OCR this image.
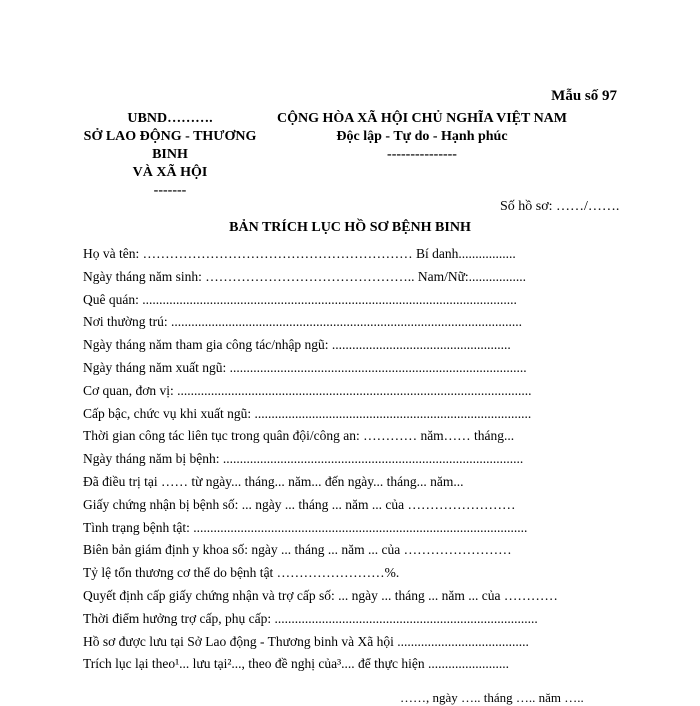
Mẫu số 97
UBND……….
SỞ LAO ĐỘNG - THƯƠNG
BINH
VÀ XÃ HỘI
-------
CỘNG HÒA XÃ HỘI CHỦ NGHĨA VIỆT NAM
Độc lập - Tự do - Hạnh phúc
---------------
Số hồ sơ: ……/…….
BẢN TRÍCH LỤC HỒ SƠ BỆNH BINH
Họ và tên: …………………………………………………… Bí danh.................
Ngày tháng năm sinh: ……………………………………….. Nam/Nữ:.................
Quê quán: ...............................................................................................................
Nơi thường trú: ........................................................................................................
Ngày tháng năm tham gia công tác/nhập ngũ: .....................................................
Ngày tháng năm xuất ngũ: ........................................................................................
Cơ quan, đơn vị: .........................................................................................................
Cấp bậc, chức vụ khi xuất ngũ: ..................................................................................
Thời gian công tác liên tục trong quân đội/công an: ………… năm…… tháng...
Ngày tháng năm bị bệnh: .........................................................................................
Đã điều trị tại …… từ ngày... tháng... năm... đến ngày... tháng... năm...
Giấy chứng nhận bị bệnh số: ... ngày ... tháng ... năm ... của ……………………
Tình trạng bệnh tật: ...................................................................................................
Biên bản giám định y khoa số: ngày ... tháng ... năm ... của ……………………
Tỷ lệ tổn thương cơ thể do bệnh tật ……………………%.
Quyết định cấp giấy chứng nhận và trợ cấp số: ... ngày ... tháng ... năm ... của …………
Thời điểm hưởng trợ cấp, phụ cấp: ..............................................................................
Hồ sơ được lưu tại Sở Lao động - Thương binh và Xã hội .......................................
Trích lục lại theo¹... lưu tại²..., theo đề nghị của³.... để thực hiện ........................
……, ngày ….. tháng ….. năm …..
